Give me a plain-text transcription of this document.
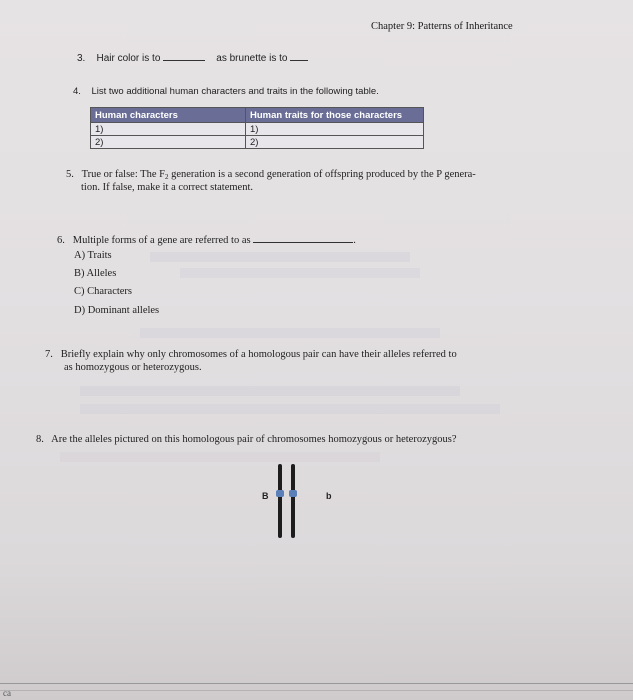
Chapter 9: Patterns of Inheritance
3. Hair color is to	as brunette is to
4. List two additional human characters and traits in the following table.
Human characters	Human traits for those characters
1)	1)
2)	2)
5. True or false: The $F_2$ generation is a second generation of offspring produced by the P genera-
tion. If false, make it a correct statement.
6. Multiple forms of a gene are referred to as	.
A) Traits
B) Alleles
C) Characters
D) Dominant alleles
7. Briefly explain why only chromosomes of a homologous pair can have their alleles referred to
as homozygous or heterozygous.
8. Are the alleles pictured on this homologous pair of chromosomes homozygous or heterozygous?
B	b
ca
